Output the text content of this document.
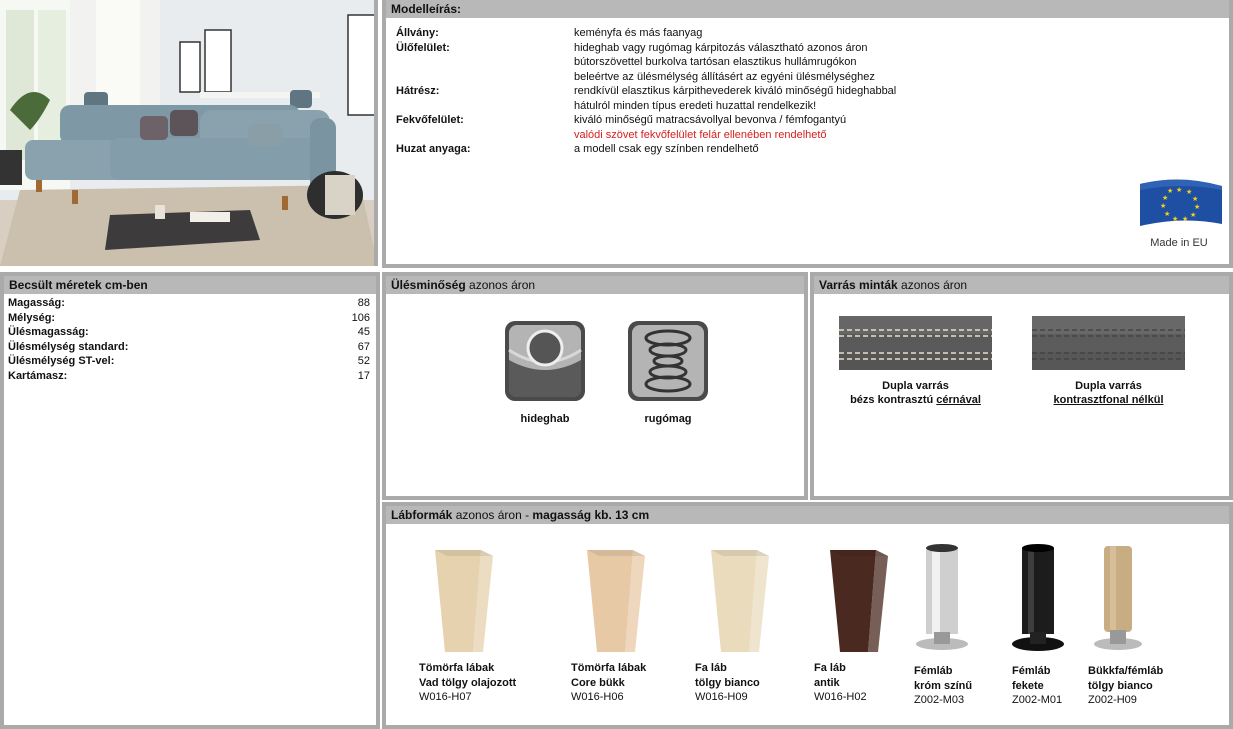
Modelleírás:
Állvány:	keményfa és más faanyag
Ülőfelület:	hideghab vagy rugómag kárpitozás választható azonos áron
bútorszövettel burkolva tartósan elasztikus hullámrugókon
beleértve az ülésmélység állításért az egyéni ülésmélységhez
Hátrész:	rendkívül elasztikus kárpithevederek kiváló minőségű hideghabbal
hátulról minden típus eredeti huzattal rendelkezik!
Fekvőfelület:	kiváló minőségű matracsávollyal bevonva / fémfogantyú
valódi szövet fekvőfelület felár ellenében rendelhető
Huzat anyaga:	a modell csak egy színben rendelhető
★ ★
★
★
★
★
★
★
★
★
★
Made in EU
Becsült méretek cm-ben
Magasság:	88
Mélység:	106
Ülésmagasság:	45
Ülésmélység standard:	67
Ülésmélység ST-vel:	52
Kartámasz:	17
Ülésminőség azonos áron
hideghab	rugómag
Varrás minták azonos áron
Dupla varrás
bézs kontrasztú cérnával
Dupla varrás
kontrasztfonal nélkül
Lábformák azonos áron - magasság kb. 13 cm
Tömörfa lábak
Vad tölgy olajozott
W016-H07
Tömörfa lábak
Core bükk
W016-H06
Fa láb
tölgy bianco
W016-H09
Fa láb
antik
W016-H02
Fémláb
króm színű
Z002-M03
Fémláb
fekete
Z002-M01
Bükkfa/fémláb
tölgy bianco
Z002-H09
